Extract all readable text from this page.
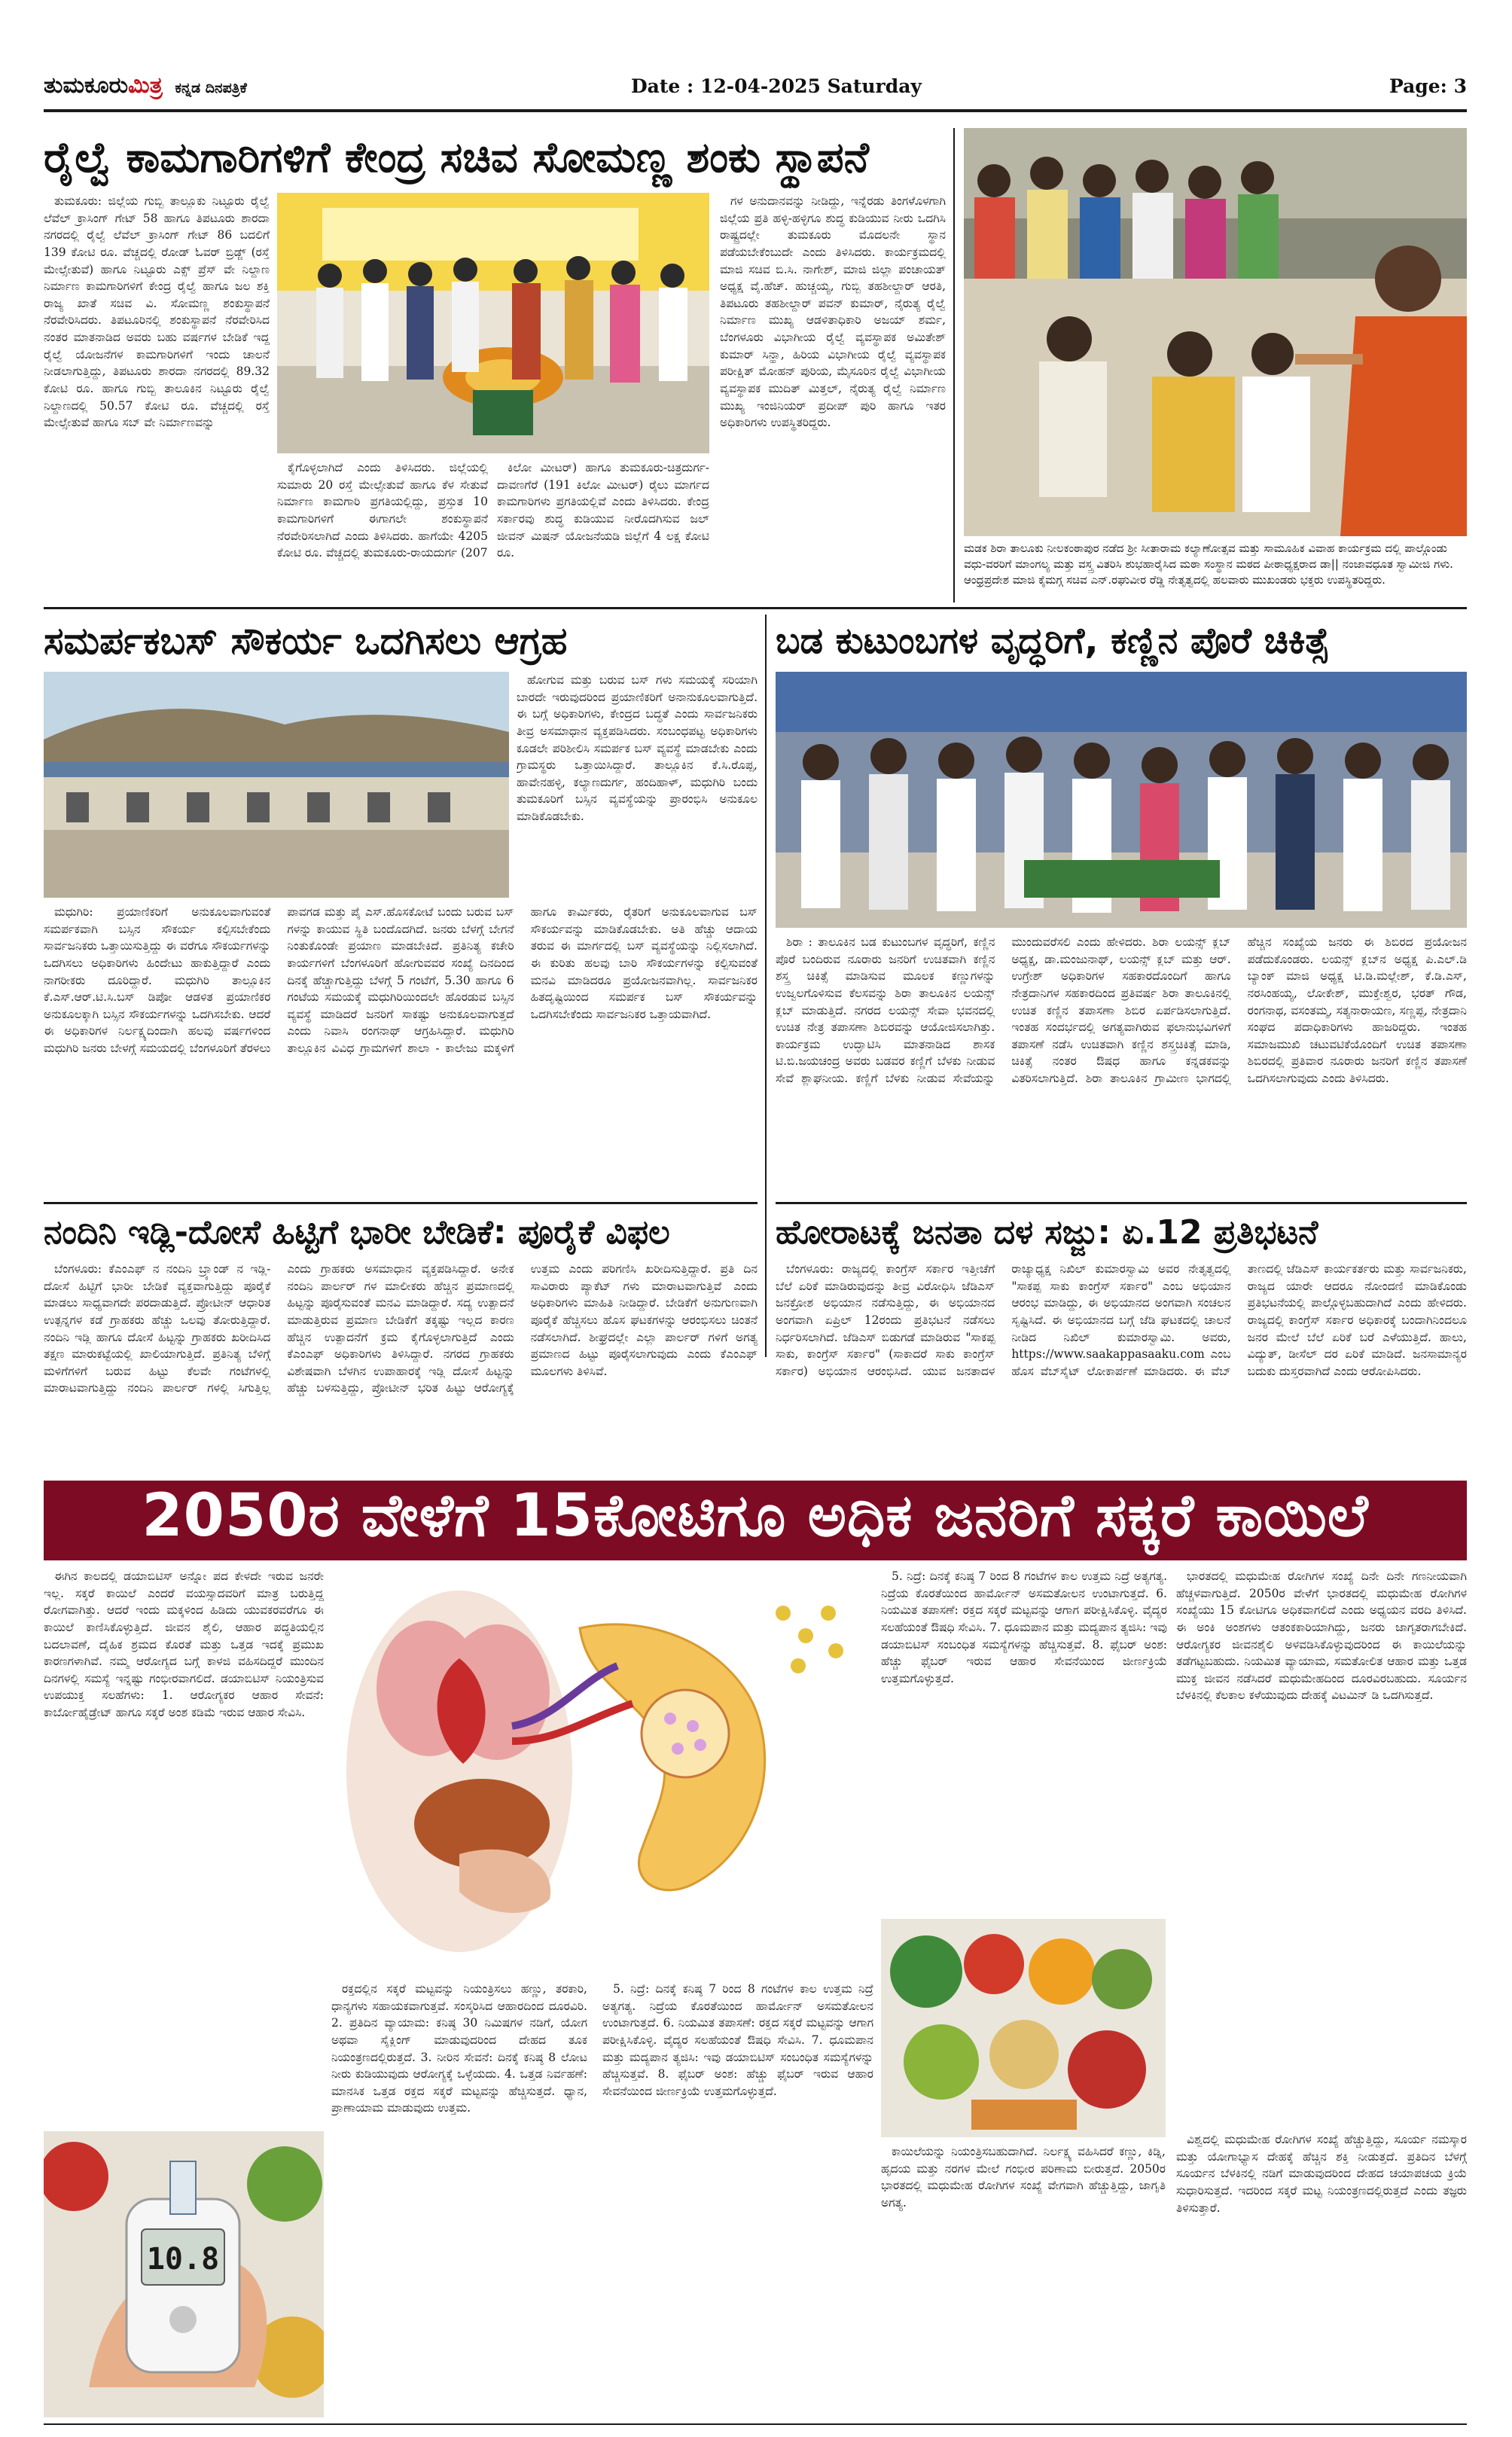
ತುಮಕೂರುಮಿತ್ರ ಕನ್ನಡ ದಿನಪತ್ರಿಕೆ	Date : 12-04-2025 Saturday	Page: 3
ರೈಲ್ವೆ ಕಾಮಗಾರಿಗಳಿಗೆ ಕೇಂದ್ರ ಸಚಿವ ಸೋಮಣ್ಣ ಶಂಕು ಸ್ಥಾಪನೆ

ತುಮಕೂರು: ಜಿಲ್ಲೆಯ ಗುಬ್ಬಿ ತಾಲ್ಲೂಕು ನಿಟ್ಟೂರು ರೈಲ್ವೆ ಲೆವೆಲ್ ಕ್ರಾಸಿಂಗ್ ಗೇಟ್ 58 ಹಾಗೂ ತಿಪಟೂರು ಶಾರದಾ ನಗರದಲ್ಲಿ ರೈಲ್ವೆ ಲೆವೆಲ್ ಕ್ರಾಸಿಂಗ್ ಗೇಟ್ 86 ಬದಲಿಗೆ 139 ಕೋಟಿ ರೂ. ವೆಚ್ಚದಲ್ಲಿ ರೋಡ್ ಓವರ್ ಬ್ರಿಡ್ಜ್ (ರಸ್ತೆ ಮೇಲ್ಸೇತುವೆ) ಹಾಗೂ ನಿಟ್ಟೂರು ಎಕ್ಸ್ ಪ್ರೆಸ್ ವೇ ನಿಲ್ದಾಣ ನಿರ್ಮಾಣ ಕಾಮಗಾರಿಗಳಿಗೆ ಕೇಂದ್ರ ರೈಲ್ವೆ ಹಾಗೂ ಜಲ ಶಕ್ತಿ ರಾಜ್ಯ ಖಾತೆ ಸಚಿವ ವಿ. ಸೋಮಣ್ಣ ಶಂಕುಸ್ಥಾಪನೆ ನೆರವೇರಿಸಿದರು. ತಿಪಟೂರಿನಲ್ಲಿ ಶಂಕುಸ್ಥಾಪನೆ ನೆರವೇರಿಸಿದ ನಂತರ ಮಾತನಾಡಿದ ಅವರು ಬಹು ವರ್ಷಗಳ ಬೇಡಿಕೆ ಇದ್ದ ರೈಲ್ವೆ ಯೋಜನೆಗಳ ಕಾಮಗಾರಿಗಳಿಗೆ ಇಂದು ಚಾಲನೆ ನೀಡಲಾಗುತ್ತಿದ್ದು, ತಿಪಟೂರು ಶಾರದಾ ನಗರದಲ್ಲಿ 89.32 ಕೋಟಿ ರೂ. ಹಾಗೂ ಗುಬ್ಬಿ ತಾಲೂಕಿನ ನಿಟ್ಟೂರು ರೈಲ್ವೆ ನಿಲ್ದಾಣದಲ್ಲಿ 50.57 ಕೋಟಿ ರೂ. ವೆಚ್ಚದಲ್ಲಿ ರಸ್ತೆ ಮೇಲ್ಸೇತುವೆ ಹಾಗೂ ಸಬ್ ವೇ ನಿರ್ಮಾಣವನ್ನು

ಕೈಗೊಳ್ಳಲಾಗಿದೆ ಎಂದು ತಿಳಿಸಿದರು. ಜಿಲ್ಲೆಯಲ್ಲಿ ಸುಮಾರು 20 ರಸ್ತೆ ಮೇಲ್ಸೇತುವೆ ಹಾಗೂ ಕೆಳ ಸೇತುವೆ ನಿರ್ಮಾಣ ಕಾಮಗಾರಿ ಪ್ರಗತಿಯಲ್ಲಿದ್ದು, ಪ್ರಸ್ತುತ 10 ಕಾಮಗಾರಿಗಳಿಗೆ ಈಗಾಗಲೇ ಶಂಕುಸ್ಥಾಪನೆ ನೆರವೇರಿಸಲಾಗಿದೆ ಎಂದು ತಿಳಿಸಿದರು. ಹಾಗೆಯೇ 4205 ಕೋಟಿ ರೂ. ವೆಚ್ಚದಲ್ಲಿ ತುಮಕೂರು-ರಾಯದುರ್ಗ (207

ಕಿಲೋ ಮೀಟರ್) ಹಾಗೂ ತುಮಕೂರು-ಚಿತ್ರದುರ್ಗ- ದಾವಣಗೆರೆ (191 ಕಿಲೋ ಮೀಟರ್) ರೈಲು ಮಾರ್ಗದ ಕಾಮಗಾರಿಗಳು ಪ್ರಗತಿಯಲ್ಲಿವೆ ಎಂದು ತಿಳಿಸಿದರು. ಕೇಂದ್ರ ಸರ್ಕಾರವು ಶುದ್ಧ ಕುಡಿಯುವ ನೀರೊದಗಿಸುವ ಜಲ್ ಜೀವನ್ ಮಿಷನ್ ಯೋಜನೆಯಡಿ ಜಿಲ್ಲೆಗೆ 4 ಲಕ್ಷ ಕೋಟಿ ರೂ.

ಗಳ ಅನುದಾನವನ್ನು ನೀಡಿದ್ದು, ಇನ್ನೆರಡು ತಿಂಗಳೊಳಗಾಗಿ ಜಿಲ್ಲೆಯ ಪ್ರತಿ ಹಳ್ಳಿ-ಹಳ್ಳಿಗೂ ಶುದ್ಧ ಕುಡಿಯುವ ನೀರು ಒದಗಿಸಿ ರಾಷ್ಟ್ರದಲ್ಲೇ ತುಮಕೂರು ಮೊದಲನೇ ಸ್ಥಾನ ಪಡೆಯಬೇಕೆಂಬುದೇ ಎಂದು ತಿಳಿಸಿದರು. ಕಾರ್ಯಕ್ರಮದಲ್ಲಿ ಮಾಜಿ ಸಚಿವ ಬಿ.ಸಿ. ನಾಗೇಶ್, ಮಾಜಿ ಜಿಲ್ಲಾ ಪಂಚಾಯತ್ ಅಧ್ಯಕ್ಷ ವೈ.ಹೆಚ್. ಹುಚ್ಚಯ್ಯ, ಗುಬ್ಬಿ ತಹಶೀಲ್ದಾರ್ ಆರತಿ, ತಿಪಟೂರು ತಹಶೀಲ್ದಾರ್ ಪವನ್ ಕುಮಾರ್, ನೈರುತ್ಯ ರೈಲ್ವೆ ನಿರ್ಮಾಣ ಮುಖ್ಯ ಆಡಳಿತಾಧಿಕಾರಿ ಅಜಯ್ ಶರ್ಮ, ಬೆಂಗಳೂರು ವಿಭಾಗೀಯ ರೈಲ್ವೆ ವ್ಯವಸ್ಥಾಪಕ ಅಮಿತೇಶ್ ಕುಮಾರ್ ಸಿನ್ಹಾ, ಹಿರಿಯ ವಿಭಾಗೀಯ ರೈಲ್ವೆ ವ್ಯವಸ್ಥಾಪಕ ಪರೀಕ್ಷಿತ್ ಮೋಹನ್ ಪುರಿಯ, ಮೈಸೂರಿನ ರೈಲ್ವೆ ವಿಭಾಗೀಯ ವ್ಯವಸ್ಥಾಪಕ ಮುದಿತ್ ಮಿತ್ತಲ್, ನೈರುತ್ಯ ರೈಲ್ವೆ ನಿರ್ಮಾಣ ಮುಖ್ಯ ಇಂಜಿನಿಯರ್ ಪ್ರದೀಪ್ ಪುರಿ ಹಾಗೂ ಇತರ ಅಧಿಕಾರಿಗಳು ಉಪಸ್ಥಿತರಿದ್ದರು.

ಮಡಕ ಶಿರಾ ತಾಲೂಕು ನೀಲಕಂಠಾಪುರ ನಡೆದ ಶ್ರೀ ಸೀತಾರಾಮ ಕಲ್ಯಾಣೋತ್ಸವ ಮತ್ತು ಸಾಮೂಹಿಕ ವಿವಾಹ ಕಾರ್ಯಕ್ರಮ ದಲ್ಲಿ ಪಾಲ್ಗೊಂಡು ವಧು-ವರರಿಗೆ ಮಾಂಗಲ್ಯ ಮತ್ತು ವಸ್ತ್ರ ವಿತರಿಸಿ ಶುಭಹಾರೈಸಿದ ಮಠಾ ಸಂಸ್ಥಾನ ಮಠದ ಪೀಠಾಧ್ಯಕ್ಷರಾದ ಡಾ|| ನಂಜಾವಧೂತ ಸ್ವಾಮೀಜಿ ಗಳು. ಆಂಧ್ರಪ್ರದೇಶ ಮಾಜಿ ಕೈಮಗ್ಗ ಸಚಿವ ಎನ್.ರಘುವೀರ ರೆಡ್ಡಿ ನೇತೃತ್ವದಲ್ಲಿ ಹಲವಾರು ಮುಖಂಡರು ಭಕ್ತರು ಉಪಸ್ಥಿತರಿದ್ದರು.
ಸಮರ್ಪಕಬಸ್ ಸೌಕರ್ಯ ಒದಗಿಸಲು ಆಗ್ರಹ

ಹೋಗುವ ಮತ್ತು ಬರುವ ಬಸ್ ಗಳು ಸಮಯಕ್ಕೆ ಸರಿಯಾಗಿ ಬಾರದೇ ಇರುವುದರಿಂದ ಪ್ರಯಾಣಿಕರಿಗೆ ಅನಾನುಕೂಲವಾಗುತ್ತಿದೆ. ಈ ಬಗ್ಗೆ ಅಧಿಕಾರಿಗಳು, ಕೇಂದ್ರದ ಬದ್ಧತೆ ಎಂದು ಸಾರ್ವಜನಿಕರು ತೀವ್ರ ಅಸಮಾಧಾನ ವ್ಯಕ್ತಪಡಿಸಿದರು. ಸಂಬಂಧಪಟ್ಟ ಅಧಿಕಾರಿಗಳು ಕೂಡಲೇ ಪರಿಶೀಲಿಸಿ ಸಮರ್ಪಕ ಬಸ್ ವ್ಯವಸ್ಥೆ ಮಾಡಬೇಕು ಎಂದು ಗ್ರಾಮಸ್ಥರು ಒತ್ತಾಯಿಸಿದ್ದಾರೆ. ತಾಲ್ಲೂಕಿನ ಕೆ.ಸಿ.ರೊಪ್ಪ, ಹಾವೇನಹಳ್ಳಿ, ಕಲ್ಯಾಣದುರ್ಗ, ಹಂದಿಹಾಳ್, ಮಧುಗಿರಿ ಬಂದು ತುಮಕೂರಿಗೆ ಬಸ್ಸಿನ ವ್ಯವಸ್ಥೆಯನ್ನು ಪ್ರಾರಂಭಿಸಿ ಅನುಕೂಲ ಮಾಡಿಕೊಡಬೇಕು.

ಮಧುಗಿರಿ: ಪ್ರಯಾಣಿಕರಿಗೆ ಅನುಕೂಲವಾಗುವಂತೆ ಸಮರ್ಪಕವಾಗಿ ಬಸ್ಸಿನ ಸೌಕರ್ಯ ಕಲ್ಪಿಸಬೇಕೆಂದು ಸಾರ್ವಜನಿಕರು ಒತ್ತಾಯಿಸುತ್ತಿದ್ದು ಈ ವರೆಗೂ ಸೌಕರ್ಯಗಳನ್ನು ಒದಗಿಸಲು ಅಧಿಕಾರಿಗಳು ಹಿಂದೇಟು ಹಾಕುತ್ತಿದ್ದಾರೆ ಎಂದು ನಾಗರೀಕರು ದೂರಿದ್ದಾರೆ. ಮಧುಗಿರಿ ತಾಲ್ಲೂಕಿನ ಕೆ.ಎಸ್.ಆರ್.ಟಿ.ಸಿ.ಬಸ್ ಡಿಪೋ ಆಡಳಿತ ಪ್ರಯಾಣಿಕರ ಅನುಕೂಲಕ್ಕಾಗಿ ಬಸ್ಸಿನ ಸೌಕರ್ಯಗಳನ್ನು ಒದಗಿಸಬೇಕು. ಆದರೆ ಈ ಅಧಿಕಾರಿಗಳ ನಿರ್ಲಕ್ಷ್ಯದಿಂದಾಗಿ ಹಲವು ವರ್ಷಗಳಿಂದ ಮಧುಗಿರಿ ಜನರು ಬೇಳಗ್ಗೆ ಸಮಯದಲ್ಲಿ ಬೆಂಗಳೂರಿಗೆ ತೆರಳಲು ಪಾವಗಡ ಮತ್ತು ಪೈ ಎಸ್.ಹೊಸಕೋಟೆ ಬಂದು ಬರುವ ಬಸ್ ಗಳನ್ನು ಕಾಯುವ ಸ್ಥಿತಿ ಬಂದೊದಗಿದೆ. ಜನರು ಬೆಳಗ್ಗೆ ಬೇಗನೆ ನಿಂತುಕೊಂಡೇ ಪ್ರಯಾಣ ಮಾಡಬೇಕಿದೆ. ಪ್ರತಿನಿತ್ಯ ಕಚೇರಿ ಕಾರ್ಯಗಳಿಗೆ ಬೆಂಗಳೂರಿಗೆ ಹೋಗುವವರ ಸಂಖ್ಯೆ ದಿನದಿಂದ ದಿನಕ್ಕೆ ಹೆಚ್ಚಾಗುತ್ತಿದ್ದು ಬೆಳಗ್ಗೆ 5 ಗಂಟೆಗೆ, 5.30 ಹಾಗೂ 6 ಗಂಟೆಯ ಸಮಯಕ್ಕೆ ಮಧುಗಿರಿಯಿಂದಲೇ ಹೊರಡುವ ಬಸ್ಸಿನ ವ್ಯವಸ್ಥೆ ಮಾಡಿದರೆ ಜನರಿಗೆ ಸಾಕಷ್ಟು ಅನುಕೂಲವಾಗುತ್ತದೆ ಎಂದು ನಿವಾಸಿ ರಂಗನಾಥ್ ಆಗ್ರಹಿಸಿದ್ದಾರೆ. ಮಧುಗಿರಿ ತಾಲ್ಲೂಕಿನ ವಿವಿಧ ಗ್ರಾಮಗಳಿಗೆ ಶಾಲಾ - ಕಾಲೇಜು ಮಕ್ಕಳಿಗೆ ಹಾಗೂ ಕಾರ್ಮಿಕರು, ರೈತರಿಗೆ ಅನುಕೂಲವಾಗುವ ಬಸ್ ಸೌಕರ್ಯವನ್ನು ಮಾಡಿಕೊಡಬೇಕು. ಅತಿ ಹೆಚ್ಚು ಆದಾಯ ತರುವ ಈ ಮಾರ್ಗದಲ್ಲಿ ಬಸ್ ವ್ಯವಸ್ಥೆಯನ್ನು ನಿಲ್ಲಿಸಲಾಗಿದೆ. ಈ ಕುರಿತು ಹಲವು ಬಾರಿ ಸೌಕರ್ಯಗಳನ್ನು ಕಲ್ಪಿಸುವಂತೆ ಮನವಿ ಮಾಡಿದರೂ ಪ್ರಯೋಜನವಾಗಿಲ್ಲ. ಸಾರ್ವಜನಿಕರ ಹಿತದೃಷ್ಟಿಯಿಂದ ಸಮರ್ಪಕ ಬಸ್ ಸೌಕರ್ಯವನ್ನು ಒದಗಿಸಬೇಕೆಂದು ಸಾರ್ವಜನಿಕರ ಒತ್ತಾಯವಾಗಿದೆ.

ಬಡ ಕುಟುಂಬಗಳ ವೃದ್ಧರಿಗೆ, ಕಣ್ಣಿನ ಪೊರೆ ಚಿಕಿತ್ಸೆ

ಶಿರಾ : ತಾಲೂಕಿನ ಬಡ ಕುಟುಂಬಗಳ ವೃದ್ಧರಿಗೆ, ಕಣ್ಣಿನ ಪೊರೆ ಬಂದಿರುವ ನೂರಾರು ಜನರಿಗೆ ಉಚಿತವಾಗಿ ಕಣ್ಣಿನ ಶಸ್ತ್ರ ಚಿಕಿತ್ಸೆ ಮಾಡಿಸುವ ಮೂಲಕ ಕಣ್ಣುಗಳನ್ನು ಉಜ್ವಲಗೊಳಿಸುವ ಕೆಲಸವನ್ನು ಶಿರಾ ತಾಲೂಕಿನ ಲಯನ್ಸ್ ಕ್ಲಬ್ ಮಾಡುತ್ತಿದೆ. ನಗರದ ಲಯನ್ಸ್ ಸೇವಾ ಭವನದಲ್ಲಿ ಉಚಿತ ನೇತ್ರ ತಪಾಸಣಾ ಶಿಬಿರವನ್ನು ಆಯೋಜಿಸಲಾಗಿತ್ತು. ಕಾರ್ಯಕ್ರಮ ಉದ್ಘಾಟಿಸಿ ಮಾತನಾಡಿದ ಶಾಸಕ ಟಿ.ಬಿ.ಜಯಚಂದ್ರ ಅವರು ಬಡವರ ಕಣ್ಣಿಗೆ ಬೆಳಕು ನೀಡುವ ಸೇವೆ ಶ್ಲಾಘನೀಯ. ಕಣ್ಣಿಗೆ ಬೆಳಕು ನೀಡುವ ಸೇವೆಯನ್ನು ಮುಂದುವರೆಸಲಿ ಎಂದು ಹೇಳಿದರು. ಶಿರಾ ಲಯನ್ಸ್ ಕ್ಲಬ್ ಅಧ್ಯಕ್ಷ, ಡಾ.ಮಂಜುನಾಥ್, ಲಯನ್ಸ್ ಕ್ಲಬ್ ಮತ್ತು ಆರ್. ಉಗ್ರೇಶ್ ಅಧಿಕಾರಿಗಳ ಸಹಕಾರದೊಂದಿಗೆ ಹಾಗೂ ನೇತ್ರದಾನಿಗಳ ಸಹಕಾರದಿಂದ ಪ್ರತಿವರ್ಷ ಶಿರಾ ತಾಲೂಕಿನಲ್ಲಿ ಉಚಿತ ಕಣ್ಣಿನ ತಪಾಸಣಾ ಶಿಬಿರ ಏರ್ಪಡಿಸಲಾಗುತ್ತಿದೆ. ಇಂತಹ ಸಂದರ್ಭದಲ್ಲಿ ಅಗತ್ಯವಾಗಿರುವ ಫಲಾನುಭವಿಗಳಿಗೆ ತಪಾಸಣೆ ನಡೆಸಿ ಉಚಿತವಾಗಿ ಕಣ್ಣಿನ ಶಸ್ತ್ರಚಿಕಿತ್ಸೆ ಮಾಡಿ, ಚಿಕಿತ್ಸೆ ನಂತರ ಔಷಧ ಹಾಗೂ ಕನ್ನಡಕವನ್ನು ವಿತರಿಸಲಾಗುತ್ತಿದೆ. ಶಿರಾ ತಾಲೂಕಿನ ಗ್ರಾಮೀಣ ಭಾಗದಲ್ಲಿ ಹೆಚ್ಚಿನ ಸಂಖ್ಯೆಯ ಜನರು ಈ ಶಿಬಿರದ ಪ್ರಯೋಜನ ಪಡೆದುಕೊಂಡರು. ಲಯನ್ಸ್ ಕ್ಲಬ್‌ನ ಅಧ್ಯಕ್ಷ ಪಿ.ಎಲ್.ಡಿ ಬ್ಯಾಂಕ್ ಮಾಜಿ ಅಧ್ಯಕ್ಷ ಟಿ.ಡಿ.ಮಲ್ಲೇಶ್, ಕೆ.ಡಿ.ಎಸ್, ನರಸಿಂಹಯ್ಯ, ಲೋಕೇಶ್, ಮುಕ್ತೇಶ್ವರ, ಭರತ್ ಗೌಡ, ರಂಗನಾಥ, ವಸಂತಮ್ಮ, ಸತ್ಯನಾರಾಯಣ, ಸಣ್ಣಪ್ಪ, ನೇತ್ರದಾನಿ ಸಂಘದ ಪದಾಧಿಕಾರಿಗಳು ಹಾಜರಿದ್ದರು. ಇಂತಹ ಸಮಾಜಮುಖಿ ಚಟುವಟಿಕೆಯೊಂದಿಗೆ ಉಚಿತ ತಪಾಸಣಾ ಶಿಬಿರದಲ್ಲಿ ಪ್ರತಿವಾರ ನೂರಾರು ಜನರಿಗೆ ಕಣ್ಣಿನ ತಪಾಸಣೆ ಒದಗಿಸಲಾಗುವುದು ಎಂದು ತಿಳಿಸಿದರು.

ನಂದಿನಿ ಇಡ್ಲಿ-ದೋಸೆ ಹಿಟ್ಟಿಗೆ ಭಾರೀ ಬೇಡಿಕೆ: ಪೂರೈಕೆ ವಿಫಲ

ಬೆಂಗಳೂರು: ಕೆಎಂಎಫ್ ನ ನಂದಿನಿ ಬ್ರ್ಯಾಂಡ್ ನ ಇಡ್ಲಿ-ದೋಸೆ ಹಿಟ್ಟಿಗೆ ಭಾರೀ ಬೇಡಿಕೆ ವ್ಯಕ್ತವಾಗುತ್ತಿದ್ದು ಪೂರೈಕೆ ಮಾಡಲು ಸಾಧ್ಯವಾಗದೇ ಪರದಾಡುತ್ತಿದೆ. ಪ್ರೋಟೀನ್ ಆಧಾರಿತ ಉತ್ಪನ್ನಗಳ ಕಡೆ ಗ್ರಾಹಕರು ಹೆಚ್ಚು ಒಲವು ತೋರುತ್ತಿದ್ದಾರೆ. ನಂದಿನಿ ಇಡ್ಲಿ ಹಾಗೂ ದೋಸೆ ಹಿಟ್ಟನ್ನು ಗ್ರಾಹಕರು ಖರೀದಿಸಿದ ತಕ್ಷಣ ಮಾರುಕಟ್ಟೆಯಲ್ಲಿ ಖಾಲಿಯಾಗುತ್ತಿದೆ. ಪ್ರತಿನಿತ್ಯ ಬೆಳಿಗ್ಗೆ ಮಳಿಗೆಗಳಿಗೆ ಬರುವ ಹಿಟ್ಟು ಕೆಲವೇ ಗಂಟೆಗಳಲ್ಲಿ ಮಾರಾಟವಾಗುತ್ತಿದ್ದು ನಂದಿನಿ ಪಾರ್ಲರ್ ಗಳಲ್ಲಿ ಸಿಗುತ್ತಿಲ್ಲ ಎಂದು ಗ್ರಾಹಕರು ಅಸಮಾಧಾನ ವ್ಯಕ್ತಪಡಿಸಿದ್ದಾರೆ. ಅನೇಕ ನಂದಿನಿ ಪಾರ್ಲರ್ ಗಳ ಮಾಲೀಕರು ಹೆಚ್ಚಿನ ಪ್ರಮಾಣದಲ್ಲಿ ಹಿಟ್ಟನ್ನು ಪೂರೈಸುವಂತೆ ಮನವಿ ಮಾಡಿದ್ದಾರೆ. ಸದ್ಯ ಉತ್ಪಾದನೆ ಮಾಡುತ್ತಿರುವ ಪ್ರಮಾಣ ಬೇಡಿಕೆಗೆ ತಕ್ಕಷ್ಟು ಇಲ್ಲದ ಕಾರಣ ಹೆಚ್ಚಿನ ಉತ್ಪಾದನೆಗೆ ಕ್ರಮ ಕೈಗೊಳ್ಳಲಾಗುತ್ತಿದೆ ಎಂದು ಕೆಎಂಎಫ್ ಅಧಿಕಾರಿಗಳು ತಿಳಿಸಿದ್ದಾರೆ. ನಗರದ ಗ್ರಾಹಕರು ವಿಶೇಷವಾಗಿ ಬೆಳಗಿನ ಉಪಾಹಾರಕ್ಕೆ ಇಡ್ಲಿ ದೋಸೆ ಹಿಟ್ಟನ್ನು ಹೆಚ್ಚು ಬಳಸುತ್ತಿದ್ದು, ಪ್ರೋಟೀನ್ ಭರಿತ ಹಿಟ್ಟು ಆರೋಗ್ಯಕ್ಕೆ ಉತ್ತಮ ಎಂದು ಪರಿಗಣಿಸಿ ಖರೀದಿಸುತ್ತಿದ್ದಾರೆ. ಪ್ರತಿ ದಿನ ಸಾವಿರಾರು ಪ್ಯಾಕೆಟ್ ಗಳು ಮಾರಾಟವಾಗುತ್ತಿವೆ ಎಂದು ಅಧಿಕಾರಿಗಳು ಮಾಹಿತಿ ನೀಡಿದ್ದಾರೆ. ಬೇಡಿಕೆಗೆ ಅನುಗುಣವಾಗಿ ಪೂರೈಕೆ ಹೆಚ್ಚಿಸಲು ಹೊಸ ಘಟಕಗಳನ್ನು ಆರಂಭಿಸಲು ಚಿಂತನೆ ನಡೆಸಲಾಗಿದೆ. ಶೀಘ್ರದಲ್ಲೇ ಎಲ್ಲಾ ಪಾರ್ಲರ್ ಗಳಿಗೆ ಅಗತ್ಯ ಪ್ರಮಾಣದ ಹಿಟ್ಟು ಪೂರೈಸಲಾಗುವುದು ಎಂದು ಕೆಎಂಎಫ್ ಮೂಲಗಳು ತಿಳಿಸಿವೆ.

ಹೋರಾಟಕ್ಕೆ ಜನತಾ ದಳ ಸಜ್ಜು: ಏ.12 ಪ್ರತಿಭಟನೆ

ಬೆಂಗಳೂರು: ರಾಜ್ಯದಲ್ಲಿ ಕಾಂಗ್ರೆಸ್ ಸರ್ಕಾರ ಇತ್ತೀಚೆಗೆ ಬೆಲೆ ಏರಿಕೆ ಮಾಡಿರುವುದನ್ನು ತೀವ್ರ ವಿರೋಧಿಸಿ ಜೆಡಿಎಸ್ ಜನಕ್ರೋಶ ಅಭಿಯಾನ ನಡೆಸುತ್ತಿದ್ದು, ಈ ಅಭಿಯಾನದ ಅಂಗವಾಗಿ ಏಪ್ರಿಲ್ 12ರಂದು ಪ್ರತಿಭಟನೆ ನಡೆಸಲು ನಿರ್ಧರಿಸಲಾಗಿದೆ. ಜೆಡಿಎಸ್ ಬಿಡುಗಡೆ ಮಾಡಿರುವ "ಸಾಕಪ್ಪ ಸಾಕು, ಕಾಂಗ್ರೆಸ್ ಸರ್ಕಾರ" (ಸಾಕಾದರೆ ಸಾಕು ಕಾಂಗ್ರೆಸ್ ಸರ್ಕಾರ) ಅಭಿಯಾನ ಆರಂಭಿಸಿದೆ. ಯುವ ಜನತಾದಳ ರಾಜ್ಯಾಧ್ಯಕ್ಷ ನಿಖಿಲ್ ಕುಮಾರಸ್ವಾಮಿ ಅವರ ನೇತೃತ್ವದಲ್ಲಿ "ಸಾಕಪ್ಪ ಸಾಕು ಕಾಂಗ್ರೆಸ್ ಸರ್ಕಾರ" ಎಂಬ ಅಭಿಯಾನ ಆರಂಭ ಮಾಡಿದ್ದು, ಈ ಅಭಿಯಾನದ ಅಂಗವಾಗಿ ಸಂಚಲನ ಸೃಷ್ಟಿಸಿದೆ. ಈ ಅಭಿಯಾನದ ಬಗ್ಗೆ ಜೆಡಿ ಘಟಕದಲ್ಲಿ ಚಾಲನೆ ನೀಡಿದ ನಿಖಿಲ್ ಕುಮಾರಸ್ವಾಮಿ. ಅವರು, https://www.saakappasaaku.com ಎಂಬ ಹೊಸ ವೆಬ್‌ಸೈಟ್ ಲೋಕಾರ್ಪಣೆ ಮಾಡಿದರು. ಈ ವೆಬ್ ತಾಣದಲ್ಲಿ ಜೆಡಿಎಸ್ ಕಾರ್ಯಕರ್ತರು ಮತ್ತು ಸಾರ್ವಜನಿಕರು, ರಾಜ್ಯದ ಯಾರೇ ಆದರೂ ನೋಂದಣಿ ಮಾಡಿಕೊಂಡು ಪ್ರತಿಭಟನೆಯಲ್ಲಿ ಪಾಲ್ಗೊಳ್ಳಬಹುದಾಗಿದೆ ಎಂದು ಹೇಳಿದರು. ರಾಜ್ಯದಲ್ಲಿ ಕಾಂಗ್ರೆಸ್ ಸರ್ಕಾರ ಅಧಿಕಾರಕ್ಕೆ ಬಂದಾಗಿನಿಂದಲೂ ಜನರ ಮೇಲೆ ಬೆಲೆ ಏರಿಕೆ ಬರೆ ಎಳೆಯುತ್ತಿದೆ. ಹಾಲು, ವಿದ್ಯುತ್, ಡೀಸೆಲ್ ದರ ಏರಿಕೆ ಮಾಡಿದೆ. ಜನಸಾಮಾನ್ಯರ ಬದುಕು ದುಸ್ತರವಾಗಿದೆ ಎಂದು ಆರೋಪಿಸಿದರು.

2050ರ ವೇಳೆಗೆ 15ಕೋಟಿಗೂ ಅಧಿಕ ಜನರಿಗೆ ಸಕ್ಕರೆ ಕಾಯಿಲೆ

ಈಗಿನ ಕಾಲದಲ್ಲಿ ಡಯಾಬಿಟಿಸ್ ಅನ್ನೋ ಪದ ಕೇಳದೇ ಇರುವ ಜನರೇ ಇಲ್ಲ. ಸಕ್ಕರೆ ಕಾಯಿಲೆ ಎಂದರೆ ವಯಸ್ಸಾದವರಿಗೆ ಮಾತ್ರ ಬರುತ್ತಿದ್ದ ರೋಗವಾಗಿತ್ತು. ಆದರೆ ಇಂದು ಮಕ್ಕಳಿಂದ ಹಿಡಿದು ಯುವಕರವರೆಗೂ ಈ ಕಾಯಿಲೆ ಕಾಣಿಸಿಕೊಳ್ಳುತ್ತಿದೆ. ಜೀವನ ಶೈಲಿ, ಆಹಾರ ಪದ್ಧತಿಯಲ್ಲಿನ ಬದಲಾವಣೆ, ದೈಹಿಕ ಶ್ರಮದ ಕೊರತೆ ಮತ್ತು ಒತ್ತಡ ಇದಕ್ಕೆ ಪ್ರಮುಖ ಕಾರಣಗಳಾಗಿವೆ. ನಮ್ಮ ಆರೋಗ್ಯದ ಬಗ್ಗೆ ಕಾಳಜಿ ವಹಿಸದಿದ್ದರೆ ಮುಂದಿನ ದಿನಗಳಲ್ಲಿ ಸಮಸ್ಯೆ ಇನ್ನಷ್ಟು ಗಂಭೀರವಾಗಲಿದೆ. ಡಯಾಬಿಟಿಸ್ ನಿಯಂತ್ರಿಸುವ ಉಪಯುಕ್ತ ಸಲಹೆಗಳು: 1. ಆರೋಗ್ಯಕರ ಆಹಾರ ಸೇವನೆ: ಕಾರ್ಬೋಹೈಡ್ರೇಟ್ ಹಾಗೂ ಸಕ್ಕರೆ ಅಂಶ ಕಡಿಮೆ ಇರುವ ಆಹಾರ ಸೇವಿಸಿ.

5. ನಿದ್ರೆ: ದಿನಕ್ಕೆ ಕನಿಷ್ಠ 7 ರಿಂದ 8 ಗಂಟೆಗಳ ಕಾಲ ಉತ್ತಮ ನಿದ್ರೆ ಅತ್ಯಗತ್ಯ. ನಿದ್ರೆಯ ಕೊರತೆಯಿಂದ ಹಾರ್ಮೋನ್ ಅಸಮತೋಲನ ಉಂಟಾಗುತ್ತದೆ. 6. ನಿಯಮಿತ ತಪಾಸಣೆ: ರಕ್ತದ ಸಕ್ಕರೆ ಮಟ್ಟವನ್ನು ಆಗಾಗ ಪರೀಕ್ಷಿಸಿಕೊಳ್ಳಿ. ವೈದ್ಯರ ಸಲಹೆಯಂತೆ ಔಷಧಿ ಸೇವಿಸಿ. 7. ಧೂಮಪಾನ ಮತ್ತು ಮದ್ಯಪಾನ ತ್ಯಜಿಸಿ: ಇವು ಡಯಾಬಿಟಿಸ್ ಸಂಬಂಧಿತ ಸಮಸ್ಯೆಗಳನ್ನು ಹೆಚ್ಚಿಸುತ್ತವೆ. 8. ಫೈಬರ್ ಅಂಶ: ಹೆಚ್ಚು ಫೈಬರ್ ಇರುವ ಆಹಾರ ಸೇವನೆಯಿಂದ ಜೀರ್ಣಕ್ರಿಯೆ ಉತ್ತಮಗೊಳ್ಳುತ್ತದೆ.

ಭಾರತದಲ್ಲಿ ಮಧುಮೇಹ ರೋಗಿಗಳ ಸಂಖ್ಯೆ ದಿನೇ ದಿನೇ ಗಣನೀಯವಾಗಿ ಹೆಚ್ಚಳವಾಗುತ್ತಿದೆ. 2050ರ ವೇಳೆಗೆ ಭಾರತದಲ್ಲಿ ಮಧುಮೇಹ ರೋಗಿಗಳ ಸಂಖ್ಯೆಯು 15 ಕೋಟಿಗೂ ಅಧಿಕವಾಗಲಿದೆ ಎಂದು ಅಧ್ಯಯನ ವರದಿ ತಿಳಿಸಿದೆ. ಈ ಅಂಕಿ ಅಂಶಗಳು ಆತಂಕಕಾರಿಯಾಗಿದ್ದು, ಜನರು ಜಾಗೃತರಾಗಬೇಕಿದೆ. ಆರೋಗ್ಯಕರ ಜೀವನಶೈಲಿ ಅಳವಡಿಸಿಕೊಳ್ಳುವುದರಿಂದ ಈ ಕಾಯಿಲೆಯನ್ನು ತಡೆಗಟ್ಟಬಹುದು. ನಿಯಮಿತ ವ್ಯಾಯಾಮ, ಸಮತೋಲಿತ ಆಹಾರ ಮತ್ತು ಒತ್ತಡ ಮುಕ್ತ ಜೀವನ ನಡೆಸಿದರೆ ಮಧುಮೇಹದಿಂದ ದೂರವಿರಬಹುದು. ಸೂರ್ಯನ ಬೆಳಕಿನಲ್ಲಿ ಕೆಲಕಾಲ ಕಳೆಯುವುದು ದೇಹಕ್ಕೆ ವಿಟಮಿನ್ ಡಿ ಒದಗಿಸುತ್ತದೆ.

ರಕ್ತದಲ್ಲಿನ ಸಕ್ಕರೆ ಮಟ್ಟವನ್ನು ನಿಯಂತ್ರಿಸಲು ಹಣ್ಣು, ತರಕಾರಿ, ಧಾನ್ಯಗಳು ಸಹಾಯಕವಾಗುತ್ತವೆ. ಸಂಸ್ಕರಿಸಿದ ಆಹಾರದಿಂದ ದೂರವಿರಿ. 2. ಪ್ರತಿದಿನ ವ್ಯಾಯಾಮ: ಕನಿಷ್ಠ 30 ನಿಮಿಷಗಳ ನಡಿಗೆ, ಯೋಗ ಅಥವಾ ಸೈಕ್ಲಿಂಗ್ ಮಾಡುವುದರಿಂದ ದೇಹದ ತೂಕ ನಿಯಂತ್ರಣದಲ್ಲಿರುತ್ತದೆ. 3. ನೀರಿನ ಸೇವನೆ: ದಿನಕ್ಕೆ ಕನಿಷ್ಠ 8 ಲೋಟ ನೀರು ಕುಡಿಯುವುದು ಆರೋಗ್ಯಕ್ಕೆ ಒಳ್ಳೆಯದು. 4. ಒತ್ತಡ ನಿರ್ವಹಣೆ: ಮಾನಸಿಕ ಒತ್ತಡ ರಕ್ತದ ಸಕ್ಕರೆ ಮಟ್ಟವನ್ನು ಹೆಚ್ಚಿಸುತ್ತದೆ. ಧ್ಯಾನ, ಪ್ರಾಣಾಯಾಮ ಮಾಡುವುದು ಉತ್ತಮ.

5. ನಿದ್ರೆ: ದಿನಕ್ಕೆ ಕನಿಷ್ಠ 7 ರಿಂದ 8 ಗಂಟೆಗಳ ಕಾಲ ಉತ್ತಮ ನಿದ್ರೆ ಅತ್ಯಗತ್ಯ. ನಿದ್ರೆಯ ಕೊರತೆಯಿಂದ ಹಾರ್ಮೋನ್ ಅಸಮತೋಲನ ಉಂಟಾಗುತ್ತದೆ. 6. ನಿಯಮಿತ ತಪಾಸಣೆ: ರಕ್ತದ ಸಕ್ಕರೆ ಮಟ್ಟವನ್ನು ಆಗಾಗ ಪರೀಕ್ಷಿಸಿಕೊಳ್ಳಿ. ವೈದ್ಯರ ಸಲಹೆಯಂತೆ ಔಷಧಿ ಸೇವಿಸಿ. 7. ಧೂಮಪಾನ ಮತ್ತು ಮದ್ಯಪಾನ ತ್ಯಜಿಸಿ: ಇವು ಡಯಾಬಿಟಿಸ್ ಸಂಬಂಧಿತ ಸಮಸ್ಯೆಗಳನ್ನು ಹೆಚ್ಚಿಸುತ್ತವೆ. 8. ಫೈಬರ್ ಅಂಶ: ಹೆಚ್ಚು ಫೈಬರ್ ಇರುವ ಆಹಾರ ಸೇವನೆಯಿಂದ ಜೀರ್ಣಕ್ರಿಯೆ ಉತ್ತಮಗೊಳ್ಳುತ್ತದೆ.

ಕಾಯಿಲೆಯನ್ನು ನಿಯಂತ್ರಿಸಬಹುದಾಗಿದೆ. ನಿರ್ಲಕ್ಷ್ಯ ವಹಿಸಿದರೆ ಕಣ್ಣು, ಕಿಡ್ನಿ, ಹೃದಯ ಮತ್ತು ನರಗಳ ಮೇಲೆ ಗಂಭೀರ ಪರಿಣಾಮ ಬೀರುತ್ತದೆ. 2050ರ ಭಾರತದಲ್ಲಿ ಮಧುಮೇಹ ರೋಗಿಗಳ ಸಂಖ್ಯೆ ವೇಗವಾಗಿ ಹೆಚ್ಚುತ್ತಿದ್ದು, ಜಾಗೃತಿ ಅಗತ್ಯ.

ವಿಶ್ವದಲ್ಲಿ ಮಧುಮೇಹ ರೋಗಿಗಳ ಸಂಖ್ಯೆ ಹೆಚ್ಚುತ್ತಿದ್ದು, ಸೂರ್ಯ ನಮಸ್ಕಾರ ಮತ್ತು ಯೋಗಾಭ್ಯಾಸ ದೇಹಕ್ಕೆ ಹೆಚ್ಚಿನ ಶಕ್ತಿ ನೀಡುತ್ತದೆ. ಪ್ರತಿದಿನ ಬೆಳಗ್ಗೆ ಸೂರ್ಯನ ಬೆಳಕಿನಲ್ಲಿ ನಡಿಗೆ ಮಾಡುವುದರಿಂದ ದೇಹದ ಚಯಾಪಚಯ ಕ್ರಿಯೆ ಸುಧಾರಿಸುತ್ತದೆ. ಇದರಿಂದ ಸಕ್ಕರೆ ಮಟ್ಟ ನಿಯಂತ್ರಣದಲ್ಲಿರುತ್ತದೆ ಎಂದು ತಜ್ಞರು ತಿಳಿಸುತ್ತಾರೆ.

10.8
